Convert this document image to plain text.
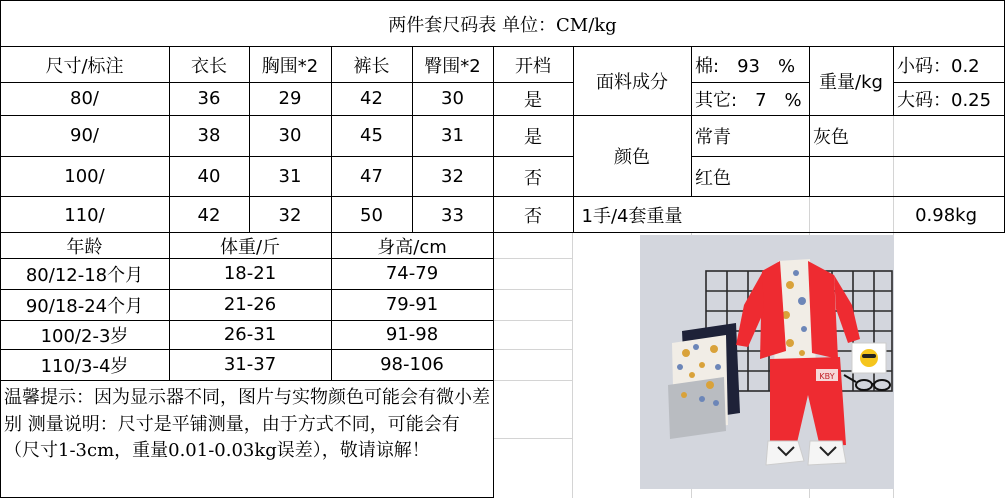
两件套尺码表 单位：CM/kg
尺寸/标注	衣长	胸围*2	裤长	臀围*2	开档
80/	36	29	42	30	是
90/	38	30	45	31	是
100/	40	31	47	32	否
110/	42	32	50	33	否
面料成分
棉:　93　%
其它:　7　%
重量/kg
小码：0.2
大码：0.25
颜色
常青	灰色
红色
1手/4套重量	0.98kg
年龄	体重/斤	身高/cm
80/12-18个月	18-21	74-79
90/18-24个月	21-26	79-91
100/2-3岁	26-31	91-98
110/3-4岁	31-37	98-106
温馨提示：因为显示器不同，图片与实物颜色可能会有微小差别 测量说明：尺寸是平铺测量，由于方式不同，可能会有（尺寸1-3cm，重量0.01-0.03kg误差），敬请谅解！
KBY
